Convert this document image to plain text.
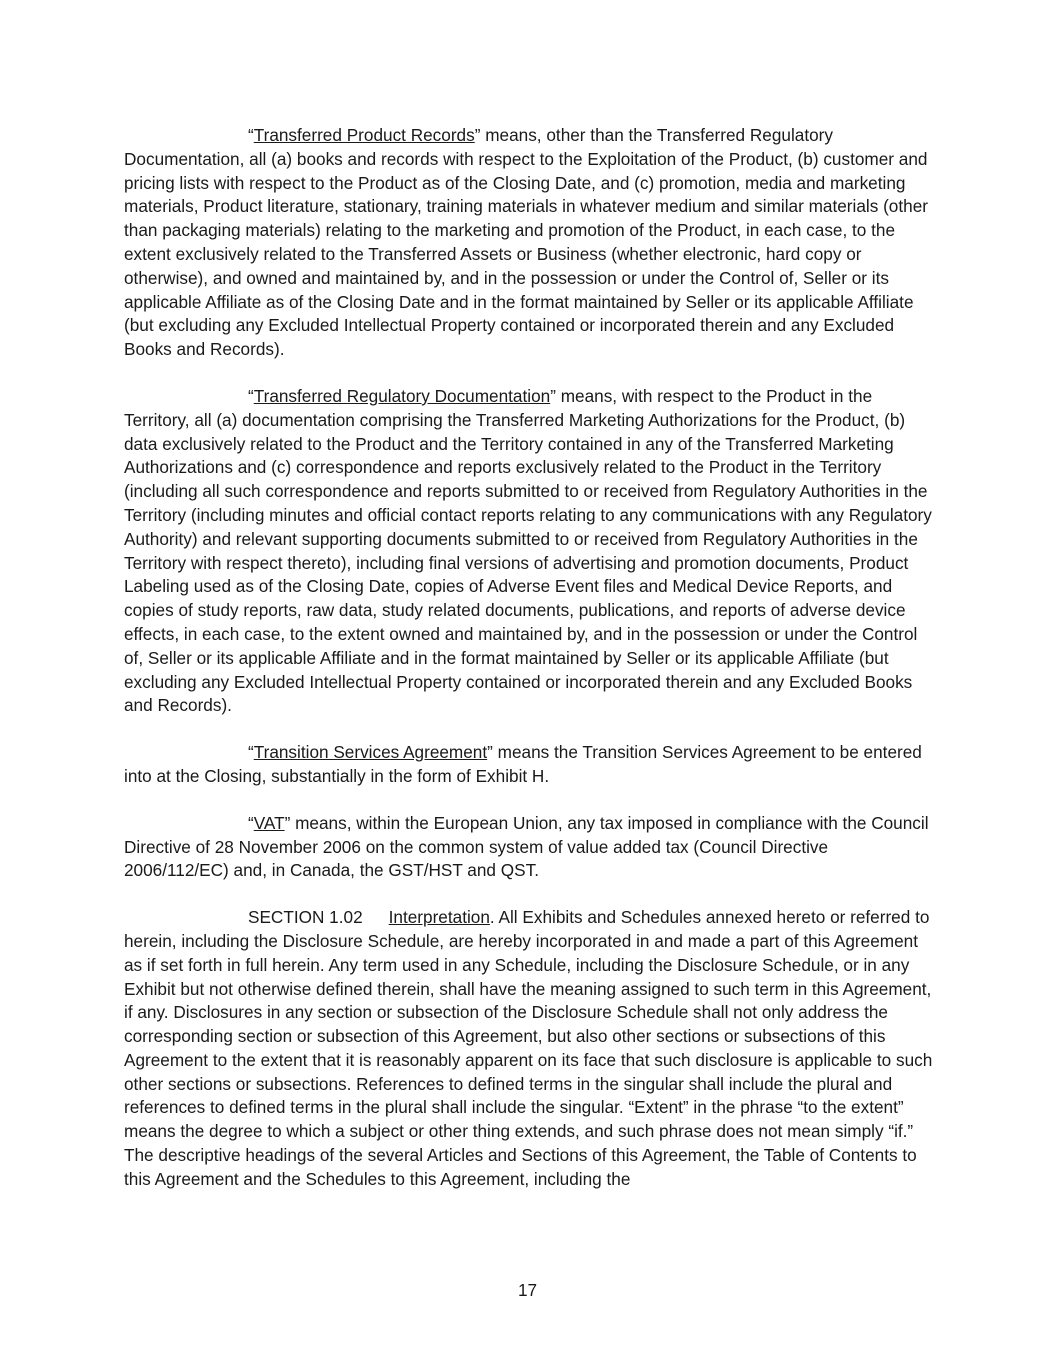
“Transferred Product Records” means, other than the Transferred Regulatory Documentation, all (a) books and records with respect to the Exploitation of the Product, (b) customer and pricing lists with respect to the Product as of the Closing Date, and (c) promotion, media and marketing materials, Product literature, stationary, training materials in whatever medium and similar materials (other than packaging materials) relating to the marketing and promotion of the Product, in each case, to the extent exclusively related to the Transferred Assets or Business (whether electronic, hard copy or otherwise), and owned and maintained by, and in the possession or under the Control of, Seller or its applicable Affiliate as of the Closing Date and in the format maintained by Seller or its applicable Affiliate (but excluding any Excluded Intellectual Property contained or incorporated therein and any Excluded Books and Records).

“Transferred Regulatory Documentation” means, with respect to the Product in the Territory, all (a) documentation comprising the Transferred Marketing Authorizations for the Product, (b) data exclusively related to the Product and the Territory contained in any of the Transferred Marketing Authorizations and (c) correspondence and reports exclusively related to the Product in the Territory (including all such correspondence and reports submitted to or received from Regulatory Authorities in the Territory (including minutes and official contact reports relating to any communications with any Regulatory Authority) and relevant supporting documents submitted to or received from Regulatory Authorities in the Territory with respect thereto), including final versions of advertising and promotion documents, Product Labeling used as of the Closing Date, copies of Adverse Event files and Medical Device Reports, and copies of study reports, raw data, study related documents, publications, and reports of adverse device effects, in each case, to the extent owned and maintained by, and in the possession or under the Control of, Seller or its applicable Affiliate and in the format maintained by Seller or its applicable Affiliate (but excluding any Excluded Intellectual Property contained or incorporated therein and any Excluded Books and Records).

“Transition Services Agreement” means the Transition Services Agreement to be entered into at the Closing, substantially in the form of Exhibit H.

“VAT” means, within the European Union, any tax imposed in compliance with the Council Directive of 28 November 2006 on the common system of value added tax (Council Directive 2006/112/EC) and, in Canada, the GST/HST and QST.

SECTION 1.02 Interpretation. All Exhibits and Schedules annexed hereto or referred to herein, including the Disclosure Schedule, are hereby incorporated in and made a part of this Agreement as if set forth in full herein. Any term used in any Schedule, including the Disclosure Schedule, or in any Exhibit but not otherwise defined therein, shall have the meaning assigned to such term in this Agreement, if any. Disclosures in any section or subsection of the Disclosure Schedule shall not only address the corresponding section or subsection of this Agreement, but also other sections or subsections of this Agreement to the extent that it is reasonably apparent on its face that such disclosure is applicable to such other sections or subsections. References to defined terms in the singular shall include the plural and references to defined terms in the plural shall include the singular. “Extent” in the phrase “to the extent” means the degree to which a subject or other thing extends, and such phrase does not mean simply “if.” The descriptive headings of the several Articles and Sections of this Agreement, the Table of Contents to this Agreement and the Schedules to this Agreement, including the

17
